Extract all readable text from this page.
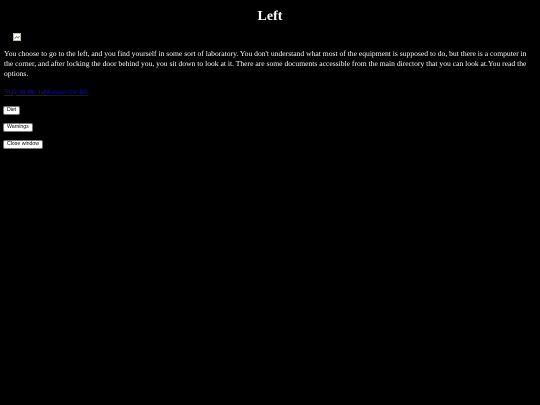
Left

You choose to go to the left, and you find yourself in some sort of laboratory. You don't understand what most of the equipment is supposed to do, but there is a computer in the corner, and after locking the door behind you, you sit down to look at it. There are some documents accessible from the main directory that you can look at.You read the options.

Stay in the labLeave the lab
Diet
Warnings
Close window
